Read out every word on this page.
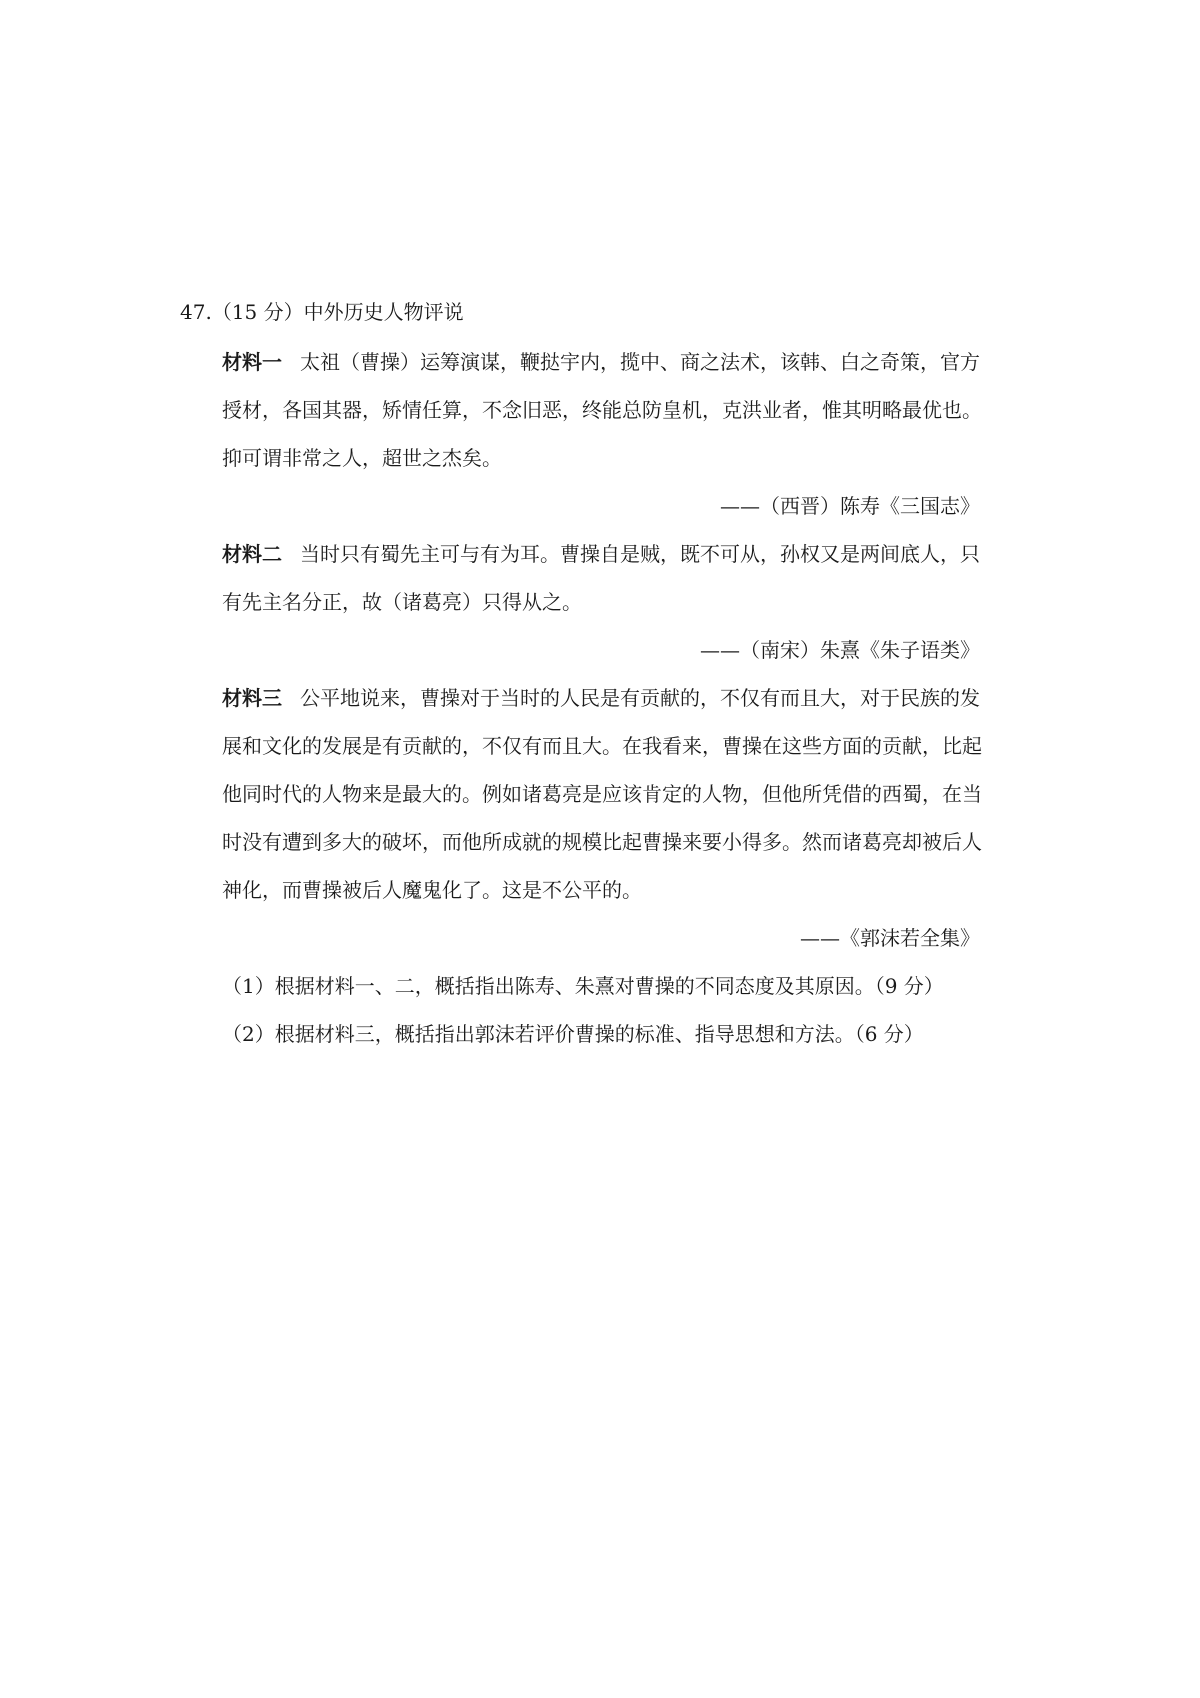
47.（15 分）中外历史人物评说
材料一 太祖（曹操）运筹演谋，鞭挞宇内，揽中、商之法术，该韩、白之奇策，官方
授材，各国其器，矫情任算，不念旧恶，终能总防皇机，克洪业者，惟其明略最优也。
抑可谓非常之人，超世之杰矣。
——（西晋）陈寿《三国志》
材料二 当时只有蜀先主可与有为耳。曹操自是贼，既不可从，孙权又是两间底人，只
有先主名分正，故（诸葛亮）只得从之。
——（南宋）朱熹《朱子语类》
材料三 公平地说来，曹操对于当时的人民是有贡献的，不仅有而且大，对于民族的发
展和文化的发展是有贡献的，不仅有而且大。在我看来，曹操在这些方面的贡献，比起
他同时代的人物来是最大的。例如诸葛亮是应该肯定的人物，但他所凭借的西蜀，在当
时没有遭到多大的破坏，而他所成就的规模比起曹操来要小得多。然而诸葛亮却被后人
神化，而曹操被后人魔鬼化了。这是不公平的。
——《郭沫若全集》
（1）根据材料一、二，概括指出陈寿、朱熹对曹操的不同态度及其原因。（9 分）
（2）根据材料三，概括指出郭沫若评价曹操的标准、指导思想和方法。（6 分）
